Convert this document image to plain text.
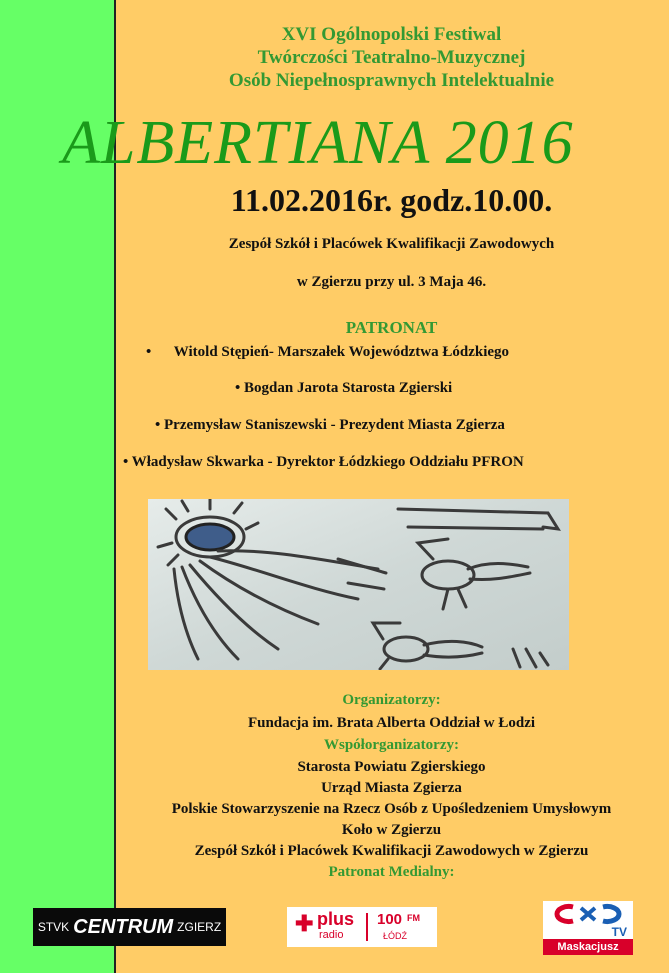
XVI Ogólnopolski Festiwal
Twórczości Teatralno-Muzycznej
Osób Niepełnosprawnych Intelektualnie
ALBERTIANA 2016
11.02.2016r. godz.10.00.
Zespół Szkół i Placówek Kwalifikacji Zawodowych
w Zgierzu przy ul. 3 Maja 46.
PATRONAT
•      Witold Stępień- Marszałek Województwa Łódzkiego
• Bogdan Jarota Starosta Zgierski
• Przemysław Staniszewski - Prezydent Miasta Zgierza
• Władysław Skwarka - Dyrektor Łódzkiego Oddziału PFRON
Organizatorzy:
Fundacja im. Brata Alberta Oddział w Łodzi
Współorganizatorzy:
Starosta Powiatu Zgierskiego
Urząd Miasta Zgierza
Polskie Stowarzyszenie na Rzecz Osób z Upośledzeniem Umysłowym
Koło w Zgierzu
Zespół Szkół i Placówek Kwalifikacji Zawodowych w Zgierzu
Patronat Medialny:
STVK CENTRUM ZGIERZ	✚ plus
radio
100 FM
ŁÓDŹ	TV
Maskacjusz
